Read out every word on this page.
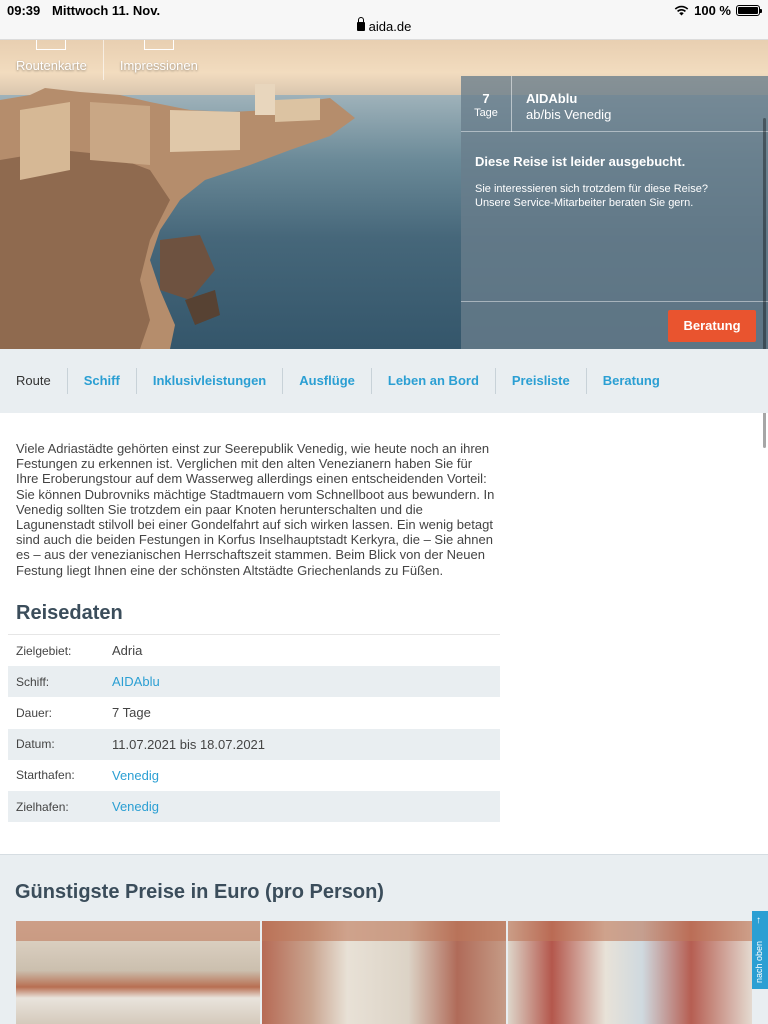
09:39 Mittwoch 11. Nov.	100 %
aida.de
Routenkarte	Impressionen
7
Tage
AIDAblu
ab/bis Venedig
Diese Reise ist leider ausgebucht.
Sie interessieren sich trotzdem für diese Reise?
Unsere Service-Mitarbeiter beraten Sie gern.
Beratung
Route	Schiff	Inklusivleistungen	Ausflüge	Leben an Bord	Preisliste	Beratung

Viele Adriastädte gehörten einst zur Seerepublik Venedig, wie heute noch an ihren Festungen zu erkennen ist. Verglichen mit den alten Venezianern haben Sie für Ihre Eroberungstour auf dem Wasserweg allerdings einen entscheidenden Vorteil: Sie können Dubrovniks mächtige Stadtmauern vom Schnellboot aus bewundern. In Venedig sollten Sie trotzdem ein paar Knoten herunterschalten und die Lagunenstadt stilvoll bei einer Gondelfahrt auf sich wirken lassen. Ein wenig betagt sind auch die beiden Festungen in Korfus Inselhauptstadt Kerkyra, die – Sie ahnen es – aus der venezianischen Herrschaftszeit stammen. Beim Blick von der Neuen Festung liegt Ihnen eine der schönsten Altstädte Griechenlands zu Füßen.

Reisedaten
Zielgebiet:	Adria
Schiff:	AIDAblu
Dauer:	7 Tage
Datum:	11.07.2021 bis 18.07.2021
Starthafen:	Venedig
Zielhafen:	Venedig
Günstigste Preise in Euro (pro Person)
↑
nach oben
